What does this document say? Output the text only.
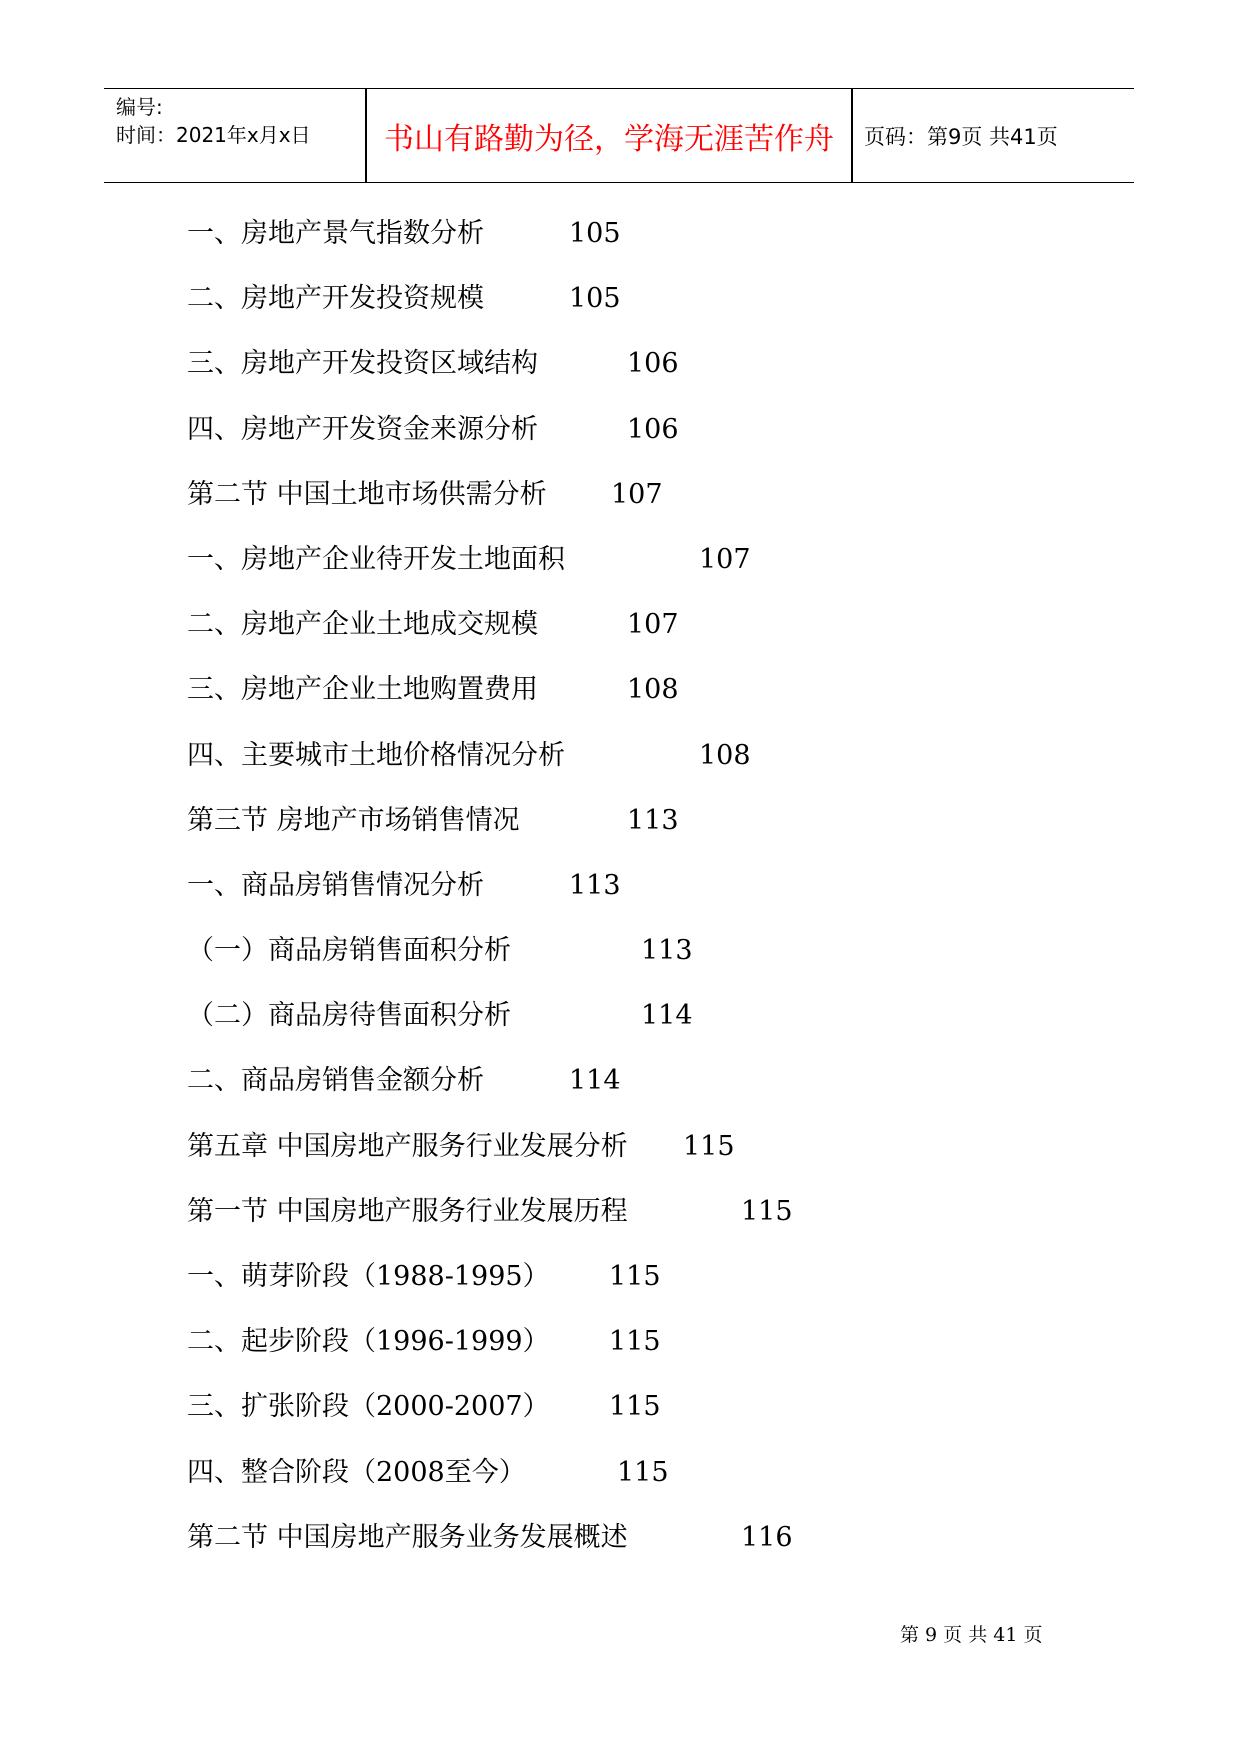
编号:
时间：2021年x月x日	书山有路勤为径，学海无涯苦作舟	页码：第9页 共41页
一、房地产景气指数分析	105
二、房地产开发投资规模	105
三、房地产开发投资区域结构	106
四、房地产开发资金来源分析	106
第二节 中国土地市场供需分析 107
一、房地产企业待开发土地面积	107
二、房地产企业土地成交规模	107
三、房地产企业土地购置费用	108
四、主要城市土地价格情况分析	108
第三节 房地产市场销售情况	113
一、商品房销售情况分析	113
（一）商品房销售面积分析	113
（二）商品房待售面积分析	114
二、商品房销售金额分析	114
第五章 中国房地产服务行业发展分析 115
第一节 中国房地产服务行业发展历程	115
一、萌芽阶段（1988-1995） 115
二、起步阶段（1996-1999） 115
三、扩张阶段（2000-2007） 115
四、整合阶段（2008至今）	115
第二节 中国房地产服务业务发展概述	116
第 9 页 共 41 页
